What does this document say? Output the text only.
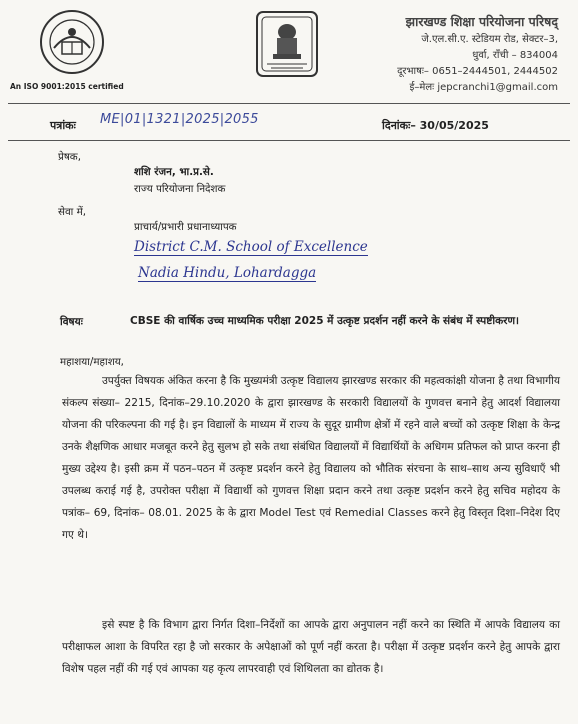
An ISO 9001:2015 certified
झारखण्ड शिक्षा परियोजना परिषद्
जे.एल.सी.ए. स्टेडियम रोड, सेक्टर–3,
धुर्वा, राँची – 834004
दूरभाषः– 0651–2444501, 2444502
ई–मेलः jepcranchi1@gmail.com
पत्रांकः ME|01|1321|2025|2055	दिनांकः– 30/05/2025
प्रेषक,
शशि रंजन, भा.प्र.से.
राज्य परियोजना निदेशक
सेवा में,
प्राचार्य/प्रभारी प्रधानाध्यापक
District C.M. School of Excellence
Nadia Hindu, Lohardagga
विषयः	CBSE की वार्षिक उच्च माध्यमिक परीक्षा 2025 में उत्कृष्ट प्रदर्शन नहीं करने के संबंध में स्पष्टीकरण।
महाशया/महाशय,

उपर्युक्त विषयक अंकित करना है कि मुख्यमंत्री उत्कृष्ट विद्यालय झारखण्ड सरकार की महत्वकांक्षी योजना है तथा विभागीय संकल्प संख्या– 2215, दिनांक–29.10.2020 के द्वारा झारखण्ड के सरकारी विद्यालयों के गुणवत्त बनाने हेतु आदर्श विद्यालया योजना की परिकल्पना की गई है। इन विद्यालों के माध्यम में राज्य के सुदूर ग्रामीण क्षेत्रों में रहने वाले बच्चों को उत्कृष्ट शिक्षा के केन्द्र उनके शैक्षणिक आधार मजबूत करने हेतु सुलभ हो सके तथा संबंधित विद्यालयों में विद्यार्थियों के अधिगम प्रतिफल को प्राप्त करना ही मुख्य उद्देश्य है। इसी क्रम में पठन–पठन में उत्कृष्ट प्रदर्शन करने हेतु विद्यालय को भौतिक संरचना के साथ–साथ अन्य सुविधाएँ भी उपलब्ध कराई गई है, उपरोक्त परीक्षा में विद्यार्थी को गुणवत्त शिक्षा प्रदान करने तथा उत्कृष्ट प्रदर्शन करने हेतु सचिव महोदय के पत्रांक– 69, दिनांक– 08.01. 2025 के के द्वारा Model Test एवं Remedial Classes करने हेतु विस्तृत दिशा–निदेश दिए गए थे।

इसे स्पष्ट है कि विभाग द्वारा निर्गत दिशा–निर्देशों का आपके द्वारा अनुपालन नहीं करने का स्थिति में आपके विद्यालय का परीक्षाफल आशा के विपरित रहा है जो सरकार के अपेक्षाओं को पूर्ण नहीं करता है। परीक्षा में उत्कृष्ट प्रदर्शन करने हेतु आपके द्वारा विशेष पहल नहीं की गई एवं आपका यह कृत्य लापरवाही एवं शिथिलता का द्योतक है।
